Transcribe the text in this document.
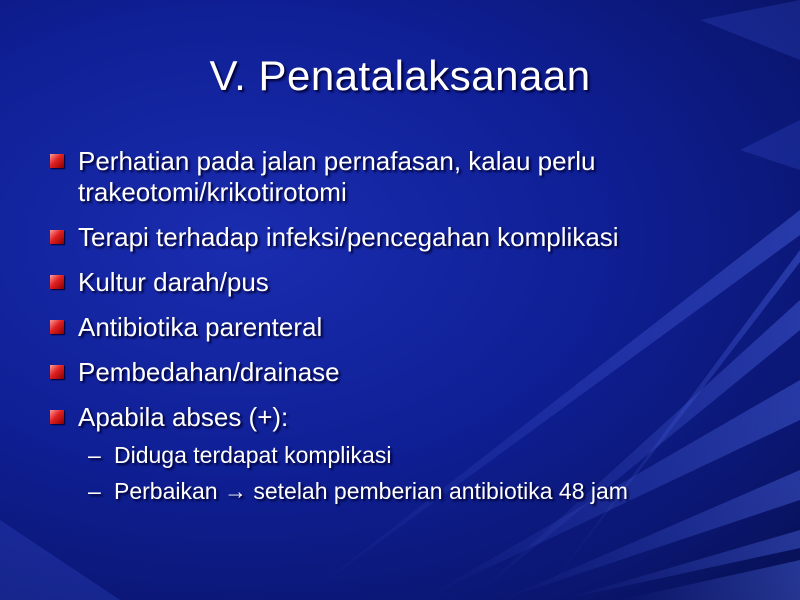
V. Penatalaksanaan
Perhatian pada jalan pernafasan, kalau perlu trakeotomi/krikotirotomi
Terapi terhadap infeksi/pencegahan komplikasi
Kultur darah/pus
Antibiotika parenteral
Pembedahan/drainase
Apabila abses (+):
– Diduga terdapat komplikasi
– Perbaikan → setelah pemberian antibiotika 48 jam
